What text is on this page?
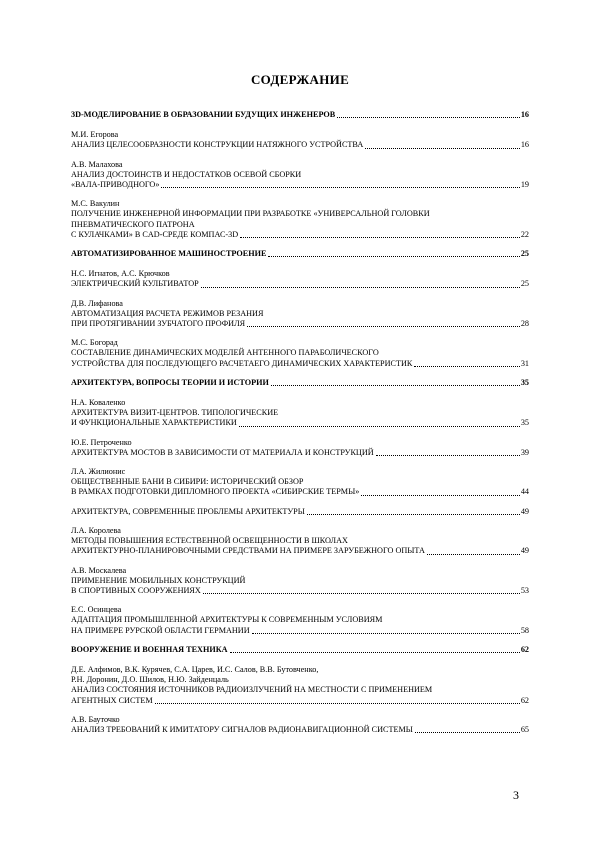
СОДЕРЖАНИЕ
3D-МОДЕЛИРОВАНИЕ В ОБРАЗОВАНИИ БУДУЩИХ ИНЖЕНЕРОВ	16
М.И. Егорова
АНАЛИЗ ЦЕЛЕСООБРАЗНОСТИ КОНСТРУКЦИИ НАТЯЖНОГО УСТРОЙСТВА	16
А.В. Малахова
АНАЛИЗ ДОСТОИНСТВ И НЕДОСТАТКОВ ОСЕВОЙ СБОРКИ
«ВАЛА-ПРИВОДНОГО»	19
М.С. Вакулин
ПОЛУЧЕНИЕ ИНЖЕНЕРНОЙ ИНФОРМАЦИИ ПРИ РАЗРАБОТКЕ «УНИВЕРСАЛЬНОЙ ГОЛОВКИ
ПНЕВМАТИЧЕСКОГО ПАТРОНА
С КУЛАЧКАМИ» В CAD-СРЕДЕ КОМПАС-3D	22
АВТОМАТИЗИРОВАННОЕ МАШИНОСТРОЕНИЕ	25
Н.С. Игнатов, А.С. Крючков
ЭЛЕКТРИЧЕСКИЙ КУЛЬТИВАТОР	25
Д.В. Лифанова
АВТОМАТИЗАЦИЯ РАСЧЕТА РЕЖИМОВ РЕЗАНИЯ
ПРИ ПРОТЯГИВАНИИ ЗУБЧАТОГО ПРОФИЛЯ	28
М.С. Богорад
СОСТАВЛЕНИЕ ДИНАМИЧЕСКИХ МОДЕЛЕЙ АНТЕННОГО ПАРАБОЛИЧЕСКОГО
УСТРОЙСТВА ДЛЯ ПОСЛЕДУЮЩЕГО РАСЧЕТАЕГО ДИНАМИЧЕСКИХ ХАРАКТЕРИСТИК	31
АРХИТЕКТУРА, ВОПРОСЫ ТЕОРИИ И ИСТОРИИ	35
Н.А. Коваленко
АРХИТЕКТУРА ВИЗИТ-ЦЕНТРОВ. ТИПОЛОГИЧЕСКИЕ
И ФУНКЦИОНАЛЬНЫЕ ХАРАКТЕРИСТИКИ	35
Ю.Е. Петроченко
АРХИТЕКТУРА МОСТОВ В ЗАВИСИМОСТИ ОТ МАТЕРИАЛА И КОНСТРУКЦИЙ	39
Л.А. Жилионис
ОБЩЕСТВЕННЫЕ БАНИ В СИБИРИ: ИСТОРИЧЕСКИЙ ОБЗОР
В РАМКАХ ПОДГОТОВКИ ДИПЛОМНОГО ПРОЕКТА «СИБИРСКИЕ ТЕРМЫ»	44
АРХИТЕКТУРА, СОВРЕМЕННЫЕ ПРОБЛЕМЫ АРХИТЕКТУРЫ	49
Л.А. Королева
МЕТОДЫ ПОВЫШЕНИЯ ЕСТЕСТВЕННОЙ ОСВЕЩЕННОСТИ В ШКОЛАХ
АРХИТЕКТУРНО-ПЛАНИРОВОЧНЫМИ СРЕДСТВАМИ НА ПРИМЕРЕ ЗАРУБЕЖНОГО ОПЫТА	49
А.В. Москалева
ПРИМЕНЕНИЕ МОБИЛЬНЫХ КОНСТРУКЦИЙ
В СПОРТИВНЫХ СООРУЖЕНИЯХ	53
Е.С. Осинцева
АДАПТАЦИЯ ПРОМЫШЛЕННОЙ АРХИТЕКТУРЫ К СОВРЕМЕННЫМ УСЛОВИЯМ
НА ПРИМЕРЕ РУРСКОЙ ОБЛАСТИ ГЕРМАНИИ	58
ВООРУЖЕНИЕ И ВОЕННАЯ ТЕХНИКА	62
Д.Е. Алфимов, В.К. Курячев, С.А. Царев, И.С. Салов, В.В. Бутовченко,
Р.Н. Доронин, Д.О. Шилов, Н.Ю. Зайденцаль
АНАЛИЗ СОСТОЯНИЯ ИСТОЧНИКОВ РАДИОИЗЛУЧЕНИЙ НА МЕСТНОСТИ С ПРИМЕНЕНИЕМ
АГЕНТНЫХ СИСТЕМ	62
А.В. Бауточко
АНАЛИЗ ТРЕБОВАНИЙ К ИМИТАТОРУ СИГНАЛОВ РАДИОНАВИГАЦИОННОЙ СИСТЕМЫ	65
3
